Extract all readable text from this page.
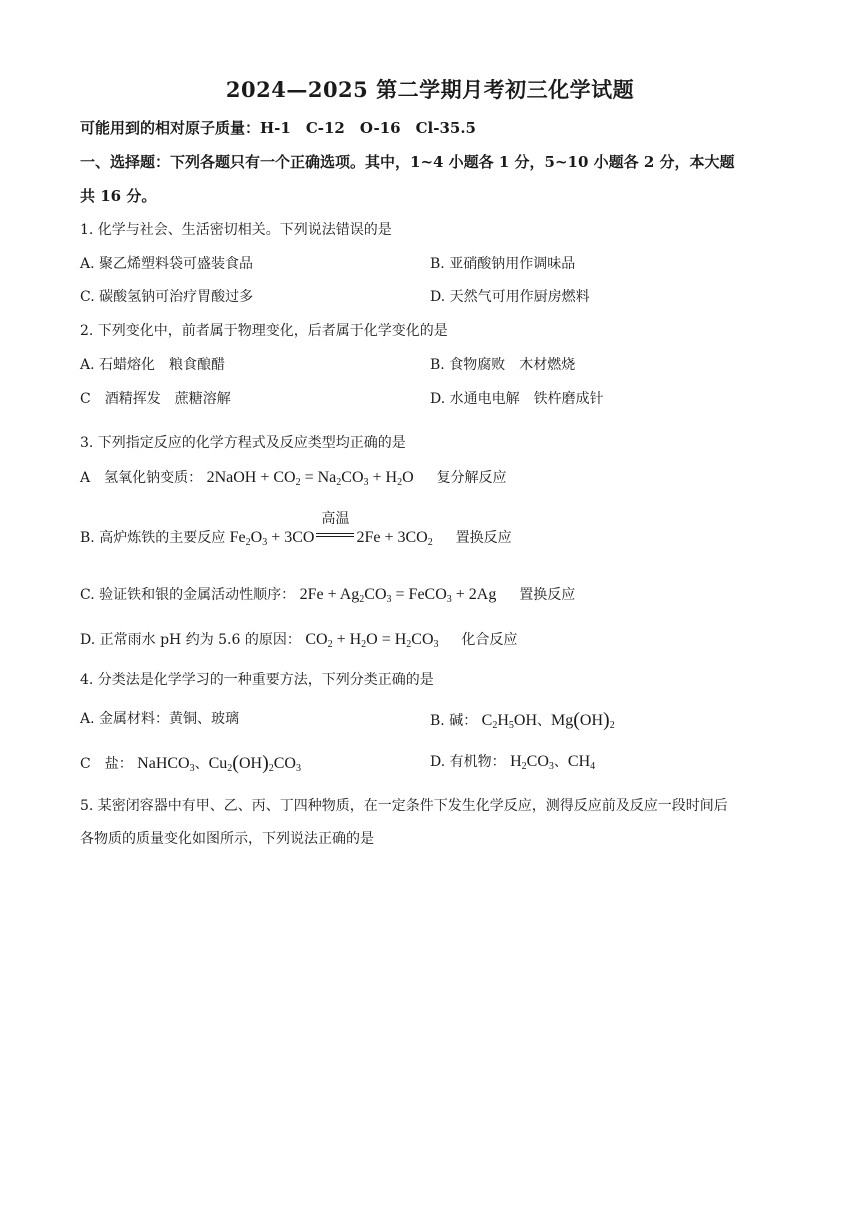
2024—2025 第二学期月考初三化学试题
可能用到的相对原子质量：H-1　C-12　O-16　Cl-35.5
一、选择题：下列各题只有一个正确选项。其中，1~4 小题各 1 分，5~10 小题各 2 分，本大题
共 16 分。
1. 化学与社会、生活密切相关。下列说法错误的是
A. 聚乙烯塑料袋可盛装食品	B. 亚硝酸钠用作调味品
C. 碳酸氢钠可治疗胃酸过多	D. 天然气可用作厨房燃料
2. 下列变化中，前者属于物理变化，后者属于化学变化的是
A. 石蜡熔化　粮食酿醋	B. 食物腐败　木材燃烧
C　酒精挥发　蔗糖溶解	D. 水通电电解　铁杵磨成针
3. 下列指定反应的化学方程式及反应类型均正确的是
A　氢氧化钠变质： 2NaOH + $CO_2 = Na_2CO_3 + H_2O$ 复分解反应
B. 高炉炼铁的主要反应 $Fe_2O_3 + 3CO$
高温
$2Fe + 3CO_2$ 置换反应
C. 验证铁和银的金属活动性顺序： $2Fe + Ag_2CO_3$ = FeCO$_3$ + 2Ag 置换反应
D. 正常雨水 pH 约为 5.6 的原因： $CO_2 + H_2O = H_2CO_3$ 化合反应
4. 分类法是化学学习的一种重要方法，下列分类正确的是
A. 金属材料：黄铜、玻璃	B. 碱： $C_2H_5OH$、$Mg(OH)_2$
C　盐： NaHCO$_3$、$Cu_2(OH)_2CO_3$	D. 有机物： $H_2CO_3$、$CH_4$
5. 某密闭容器中有甲、乙、丙、丁四种物质，在一定条件下发生化学反应，测得反应前及反应一段时间后
各物质的质量变化如图所示，下列说法正确的是
